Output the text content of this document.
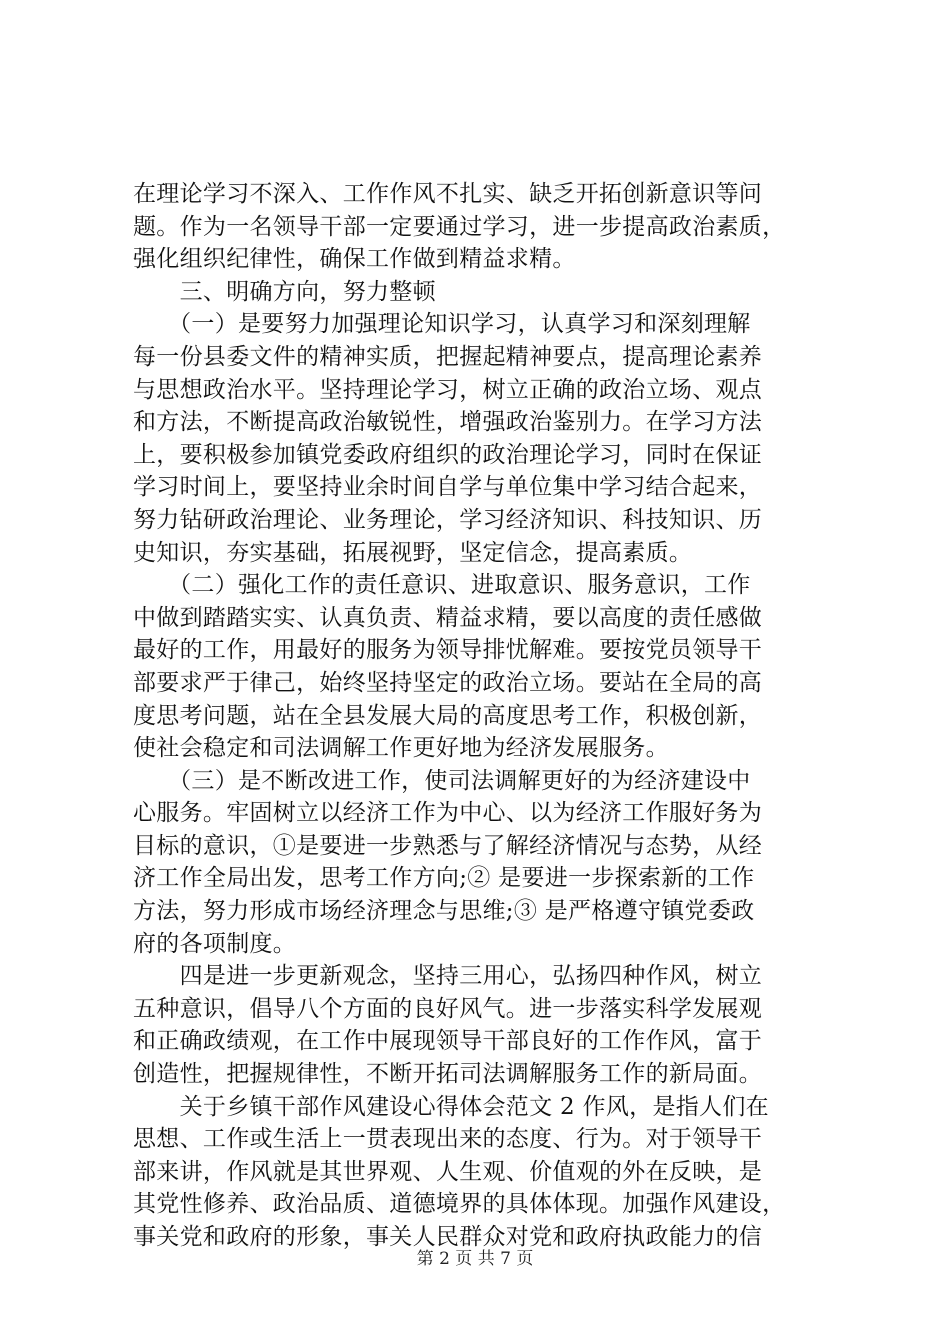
在理论学习不深入、工作作风不扎实、缺乏开拓创新意识等问
题。作为一名领导干部一定要通过学习，进一步提高政治素质，
强化组织纪律性，确保工作做到精益求精。
　　三、明确方向，努力整顿
　　（一）是要努力加强理论知识学习，认真学习和深刻理解
每一份县委文件的精神实质，把握起精神要点，提高理论素养
与思想政治水平。坚持理论学习，树立正确的政治立场、观点
和方法，不断提高政治敏锐性，增强政治鉴别力。在学习方法
上，要积极参加镇党委政府组织的政治理论学习，同时在保证
学习时间上，要坚持业余时间自学与单位集中学习结合起来，
努力钻研政治理论、业务理论，学习经济知识、科技知识、历
史知识，夯实基础，拓展视野，坚定信念，提高素质。
　　（二）强化工作的责任意识、进取意识、服务意识，工作
中做到踏踏实实、认真负责、精益求精，要以高度的责任感做
最好的工作，用最好的服务为领导排忧解难。要按党员领导干
部要求严于律己，始终坚持坚定的政治立场。要站在全局的高
度思考问题，站在全县发展大局的高度思考工作，积极创新，
使社会稳定和司法调解工作更好地为经济发展服务。
　　（三）是不断改进工作，使司法调解更好的为经济建设中
心服务。牢固树立以经济工作为中心、以为经济工作服好务为
目标的意识，①是要进一步熟悉与了解经济情况与态势，从经
济工作全局出发，思考工作方向;② 是要进一步探索新的工作
方法，努力形成市场经济理念与思维;③ 是严格遵守镇党委政
府的各项制度。
　　四是进一步更新观念，坚持三用心，弘扬四种作风，树立
五种意识，倡导八个方面的良好风气。进一步落实科学发展观
和正确政绩观，在工作中展现领导干部良好的工作作风，富于
创造性，把握规律性，不断开拓司法调解服务工作的新局面。
　　关于乡镇干部作风建设心得体会范文 2 作风，是指人们在
思想、工作或生活上一贯表现出来的态度、行为。对于领导干
部来讲，作风就是其世界观、人生观、价值观的外在反映，是
其党性修养、政治品质、道德境界的具体体现。加强作风建设，
事关党和政府的形象，事关人民群众对党和政府执政能力的信
第 2 页 共 7 页
